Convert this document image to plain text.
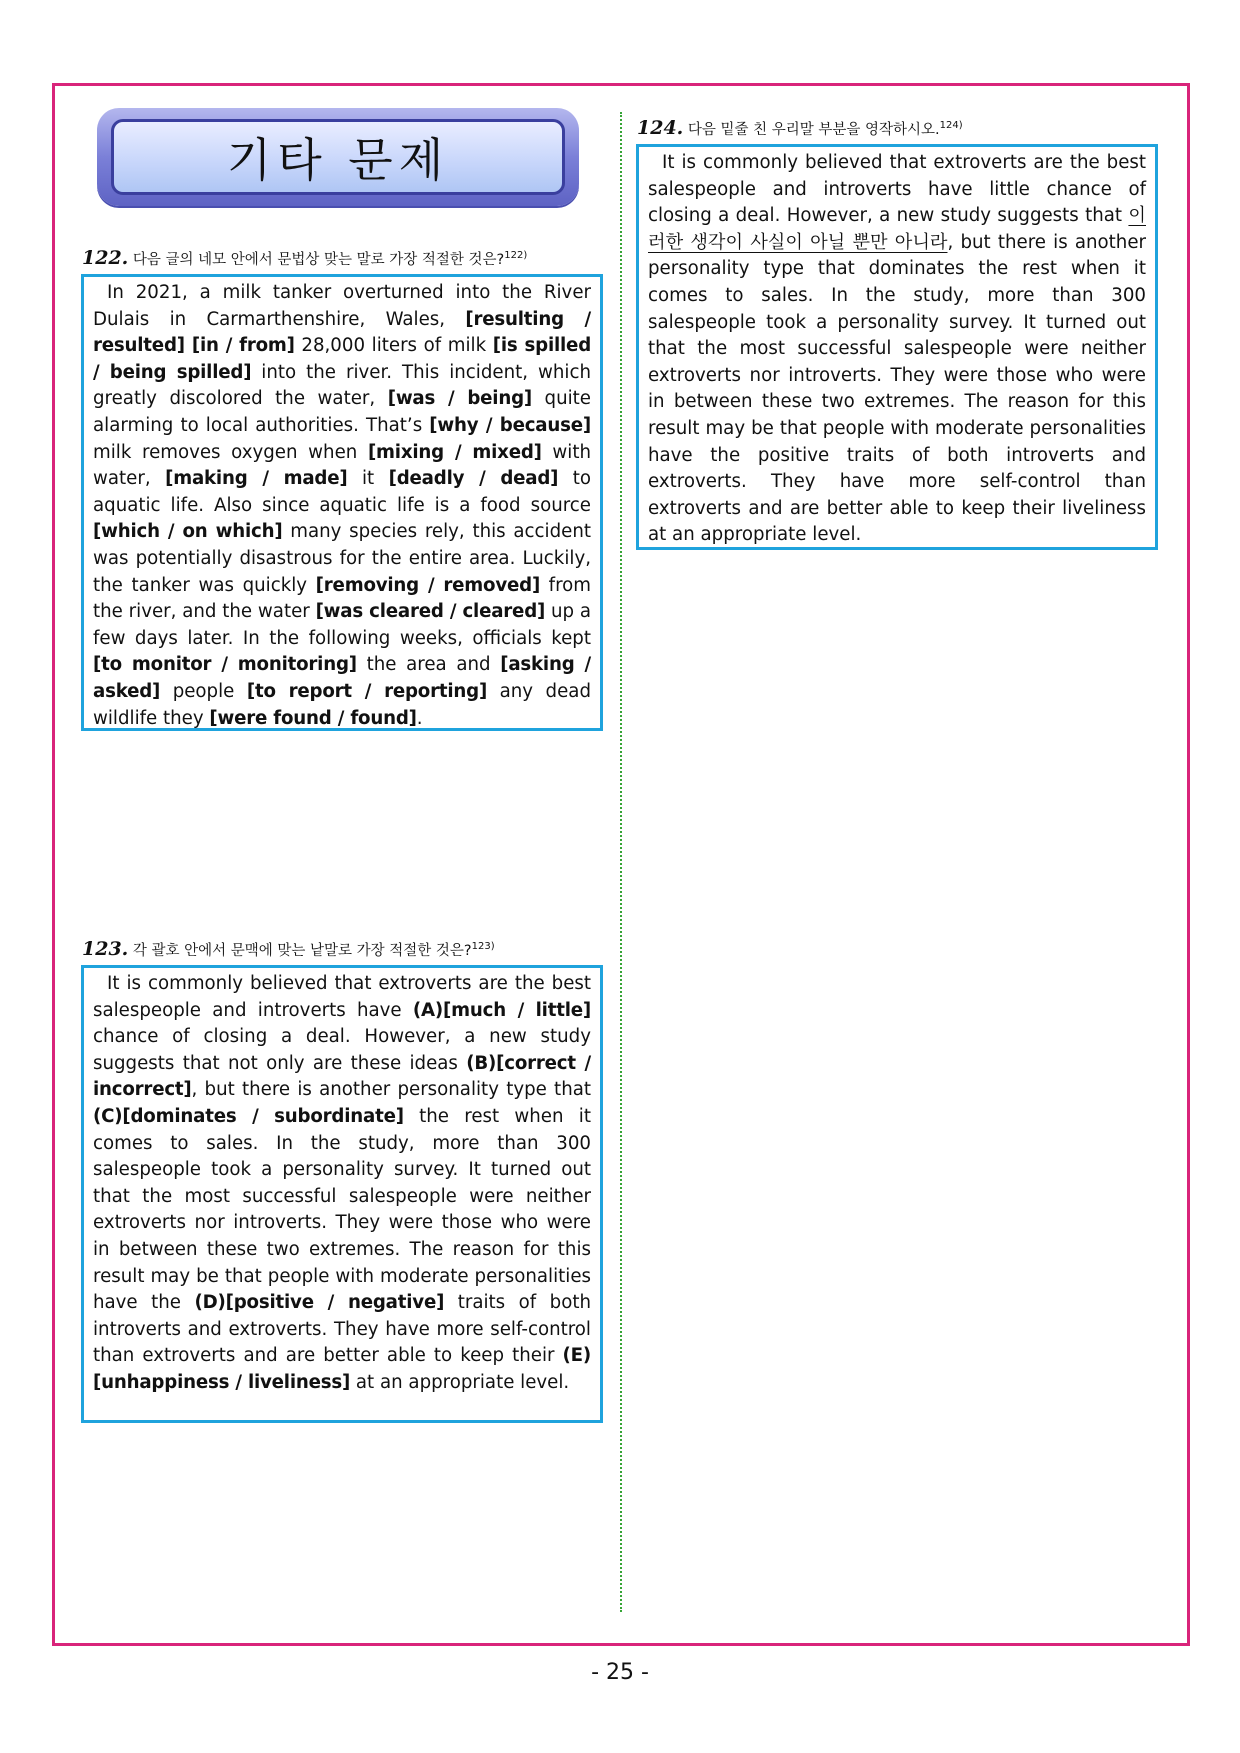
기타 문제
122. 다음 글의 네모 안에서 문법상 맞는 말로 가장 적절한 것은?$^{122)}$

In 2021, a milk tanker overturned into the River Dulais in Carmarthenshire, Wales, [resulting / resulted] [in / from] 28,000 liters of milk [is spilled / being spilled] into the river. This incident, which greatly discolored the water, [was / being] quite alarming to local authorities. That’s [why / because] milk removes oxygen when [mixing / mixed] with water, [making / made] it [deadly / dead] to aquatic life. Also since aquatic life is a food source [which / on which] many species rely, this accident was potentially disastrous for the entire area. Luckily, the tanker was quickly [removing / removed] from the river, and the water [was cleared / cleared] up a few days later. In the following weeks, officials kept [to monitor / monitoring] the area and [asking / asked] people [to report / reporting] any dead wildlife they [were found / found].

123. 각 괄호 안에서 문맥에 맞는 낱말로 가장 적절한 것은?$^{123)}$

It is commonly believed that extroverts are the best salespeople and introverts have (A)[much / little] chance of closing a deal. However, a new study suggests that not only are these ideas (B)[correct / incorrect], but there is another personality type that (C)[dominates / subordinate] the rest when it comes to sales. In the study, more than 300 salespeople took a personality survey. It turned out that the most successful salespeople were neither extroverts nor introverts. They were those who were in between these two extremes. The reason for this result may be that people with moderate personalities have the (D)[positive / negative] traits of both introverts and extroverts. They have more self-control than extroverts and are better able to keep their (E)[unhappiness / liveliness] at an appropriate level.

124. 다음 밑줄 친 우리말 부분을 영작하시오.$^{124)}$

It is commonly believed that extroverts are the best salespeople and introverts have little chance of closing a deal. However, a new study suggests that 이러한 생각이 사실이 아닐 뿐만 아니라, but there is another personality type that dominates the rest when it comes to sales. In the study, more than 300 salespeople took a personality survey. It turned out that the most successful salespeople were neither extroverts nor introverts. They were those who were in between these two extremes. The reason for this result may be that people with moderate personalities have the positive traits of both introverts and extroverts. They have more self-control than extroverts and are better able to keep their liveliness at an appropriate level.

- 25 -
